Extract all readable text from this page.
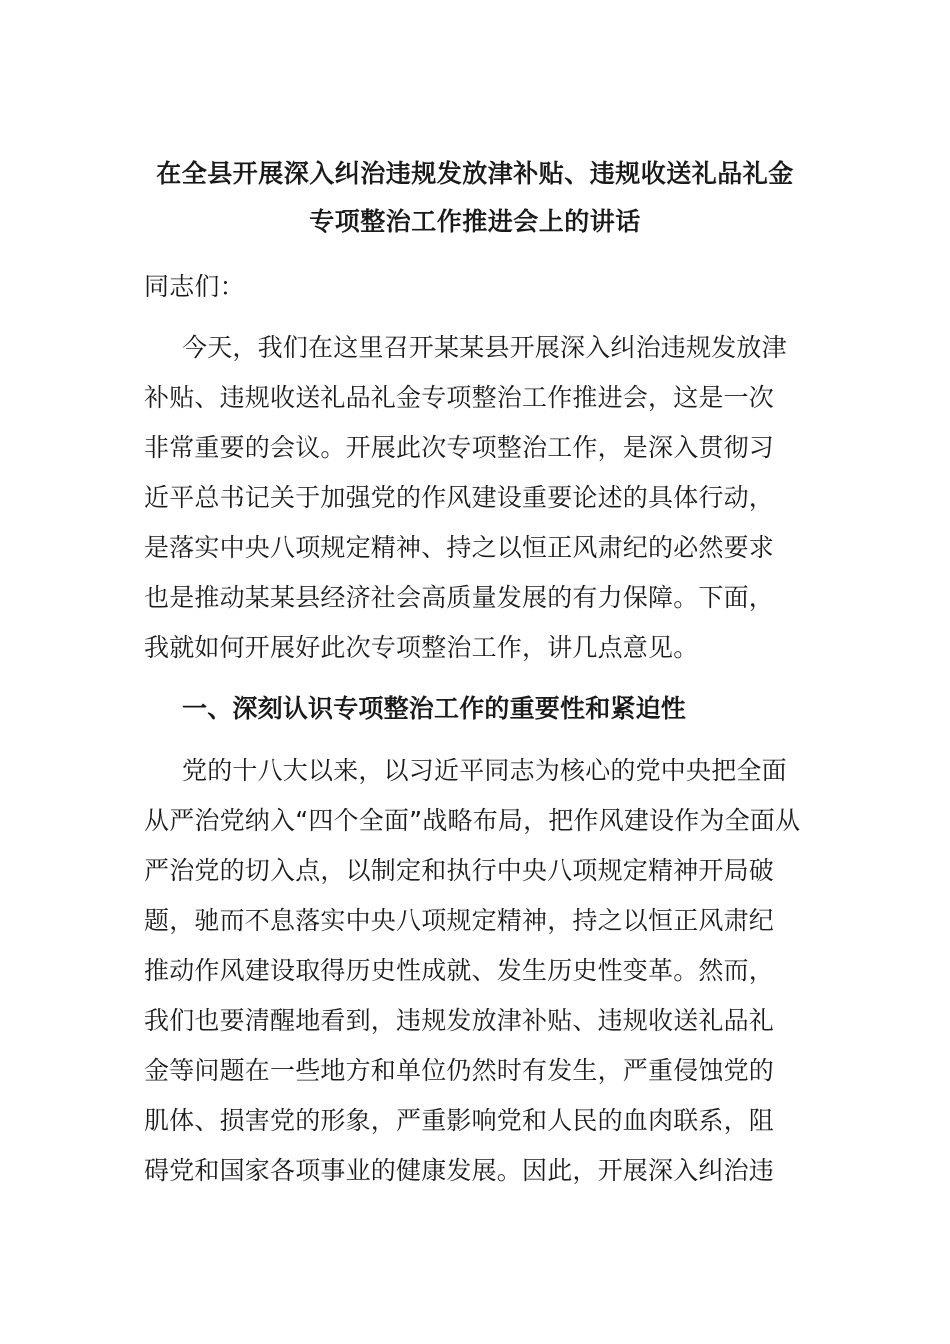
在全县开展深入纠治违规发放津补贴、违规收送礼品礼金
专项整治工作推进会上的讲话
同志们：
今天，我们在这里召开某某县开展深入纠治违规发放津
补贴、违规收送礼品礼金专项整治工作推进会，这是一次
非常重要的会议。开展此次专项整治工作，是深入贯彻习
近平总书记关于加强党的作风建设重要论述的具体行动，
是落实中央八项规定精神、持之以恒正风肃纪的必然要求
也是推动某某县经济社会高质量发展的有力保障。下面，
我就如何开展好此次专项整治工作，讲几点意见。
一、深刻认识专项整治工作的重要性和紧迫性
党的十八大以来，以习近平同志为核心的党中央把全面
从严治党纳入“四个全面”战略布局，把作风建设作为全面从
严治党的切入点，以制定和执行中央八项规定精神开局破
题，驰而不息落实中央八项规定精神，持之以恒正风肃纪
推动作风建设取得历史性成就、发生历史性变革。然而，
我们也要清醒地看到，违规发放津补贴、违规收送礼品礼
金等问题在一些地方和单位仍然时有发生，严重侵蚀党的
肌体、损害党的形象，严重影响党和人民的血肉联系，阻
碍党和国家各项事业的健康发展。因此，开展深入纠治违
